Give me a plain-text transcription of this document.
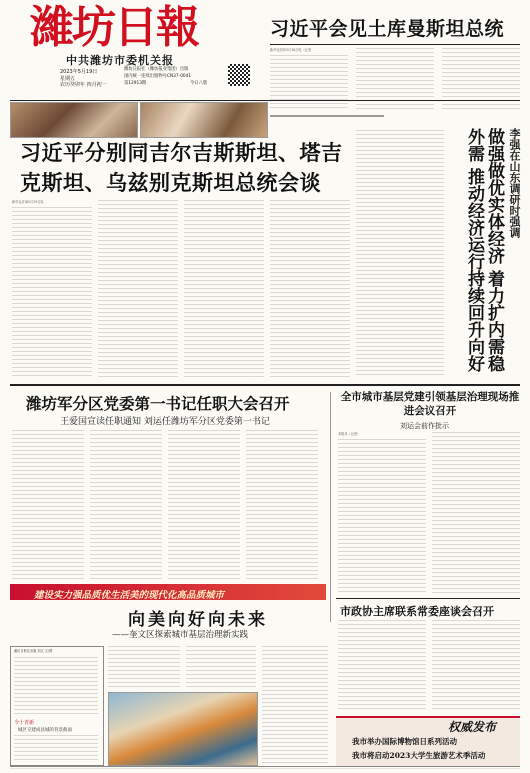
濰坊日報
中共潍坊市委机关报
2023年5月19日
星期五
农历癸卯年 四月初一
潍坊日报社（潍坊报业集团）出版
国内统一连续出版物号CN37-0041
第12913期	今日八版
习近平会见土库曼斯坦总统
新华社西安5月18日电（记者
习近平分别同吉尔吉斯斯坦、塔吉克斯坦、乌兹别克斯坦总统会谈
新华社济南5月19日电	李强在山东调研时强调
做强做优实体经济 着力扩内需稳外需 推动经济运行持续回升向好
潍坊军分区党委第一书记任职大会召开
王爱国宣读任职通知 刘运任潍坊军分区党委第一书记
建设实力强品质优生活美的现代化高品质城市
向美向好向未来
——奎文区探索城市基层治理新实践
潍坊日报社出版 刘文 文/图
今十青新
城区交建成县城的背景截面
全市城市基层党建引领基层治理现场推进会议召开
刘运会前作批示
本报讯（记者）
市政协主席联系常委座谈会召开
权威发布
我市举办国际博物馆日系列活动
我市将启动2023大学生旅游艺术季活动
